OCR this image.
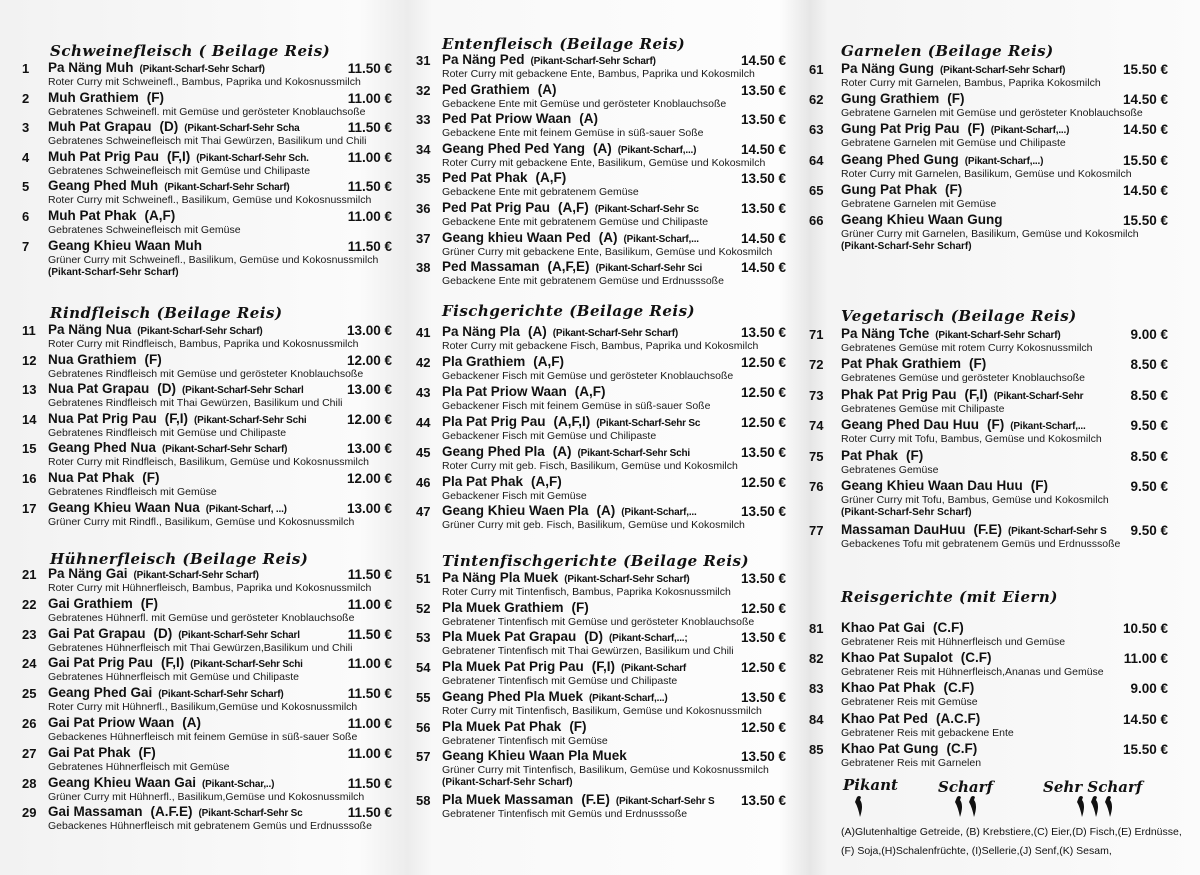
Schweinefleisch ( Beilage Reis)
1	Pa Näng Muh (Pikant-Scharf-Sehr Scharf)	11.50 €
Roter Curry mit Schweinefl., Bambus, Paprika und Kokosnussmilch
2	Muh Grathiem (F)	11.00 €
Gebratenes Schweinefl. mit Gemüse und gerösteter Knoblauchsoße
3	Muh Pat Grapau (D) (Pikant-Scharf-Sehr Scha	11.50 €
Gebratenes Schweinefleisch mit Thai Gewürzen, Basilikum und Chili
4	Muh Pat Prig Pau (F,I) (Pikant-Scharf-Sehr Sch.	11.00 €
Gebratenes Schweinefleisch mit Gemüse und Chilipaste
5	Geang Phed Muh (Pikant-Scharf-Sehr Scharf)	11.50 €
Roter Curry mit Schweinefl., Basilikum, Gemüse und Kokosnussmilch
6	Muh Pat Phak (A,F)	11.00 €
Gebratenes Schweinefleisch mit Gemüse
7	Geang Khieu Waan Muh	11.50 €
Grüner Curry mit Schweinefl., Basilikum, Gemüse und Kokosnussmilch
(Pikant-Scharf-Sehr Scharf)
Rindfleisch (Beilage Reis)
11 Pa Näng Nua (Pikant-Scharf-Sehr Scharf)	13.00 €
Roter Curry mit Rindfleisch, Bambus, Paprika und Kokosnussmilch
12 Nua Grathiem (F)	12.00 €
Gebratenes Rindfleisch mit Gemüse und gerösteter Knoblauchsoße
13 Nua Pat Grapau (D) (Pikant-Scharf-Sehr Scharl	13.00 €
Gebratenes Rindfleisch mit Thai Gewürzen, Basilikum und Chili
14 Nua Pat Prig Pau (F,I) (Pikant-Scharf-Sehr Schi	12.00 €
Gebratenes Rindfleisch mit Gemüse und Chilipaste
15 Geang Phed Nua (Pikant-Scharf-Sehr Scharf)	13.00 €
Roter Curry mit Rindfleisch, Basilikum, Gemüse und Kokosnussmilch
16 Nua Pat Phak (F)	12.00 €
Gebratenes Rindfleisch mit Gemüse
17 Geang Khieu Waan Nua (Pikant-Scharf, ...)	13.00 €
Grüner Curry mit Rindfl., Basilikum, Gemüse und Kokosnussmilch
Hühnerfleisch (Beilage Reis)
21 Pa Näng Gai (Pikant-Scharf-Sehr Scharf)	11.50 €
Roter Curry mit Hühnerfleisch, Bambus, Paprika und Kokosnussmilch
22 Gai Grathiem (F)	11.00 €
Gebratenes Hühnerfl. mit Gemüse und gerösteter Knoblauchsoße
23 Gai Pat Grapau (D) (Pikant-Scharf-Sehr Scharl	11.50 €
Gebratenes Hühnerfleisch mit Thai Gewürzen,Basilikum und Chili
24 Gai Pat Prig Pau (F,I) (Pikant-Scharf-Sehr Schi	11.00 €
Gebratenes Hühnerfleisch mit Gemüse und Chilipaste
25 Geang Phed Gai (Pikant-Scharf-Sehr Scharf)	11.50 €
Roter Curry mit Hühnerfl., Basilikum,Gemüse und Kokosnussmilch
26 Gai Pat Priow Waan (A)	11.00 €
Gebackenes Hühnerfleisch mit feinem Gemüse in süß-sauer Soße
27 Gai Pat Phak (F)	11.00 €
Gebratenes Hühnerfleisch mit Gemüse
28 Geang Khieu Waan Gai (Pikant-Schar,..)	11.50 €
Grüner Curry mit Hühnerfl., Basilikum,Gemüse und Kokosnussmilch
29 Gai Massaman (A.F.E) (Pikant-Scharf-Sehr Sc	11.50 €
Gebackenes Hühnerfleisch mit gebratenem Gemüs und Erdnusssoße
Entenfleisch (Beilage Reis)
31 Pa Näng Ped (Pikant-Scharf-Sehr Scharf)	14.50 €
Roter Curry mit gebackene Ente, Bambus, Paprika und Kokosmilch
32 Ped Grathiem (A)	13.50 €
Gebackene Ente mit Gemüse und gerösteter Knoblauchsoße
33 Ped Pat Priow Waan (A)	13.50 €
Gebackene Ente mit feinem Gemüse in süß-sauer Soße
34 Geang Phed Ped Yang (A) (Pikant-Scharf,...)	14.50 €
Roter Curry mit gebackene Ente, Basilikum, Gemüse und Kokosmilch
35 Ped Pat Phak (A,F)	13.50 €
Gebackene Ente mit gebratenem Gemüse
36 Ped Pat Prig Pau (A,F) (Pikant-Scharf-Sehr Sc	13.50 €
Gebackene Ente mit gebratenem Gemüse und Chilipaste
37 Geang khieu Waan Ped (A) (Pikant-Scharf,...	14.50 €
Grüner Curry mit gebackene Ente, Basilikum, Gemüse und Kokosmilch
38 Ped Massaman (A,F,E) (Pikant-Scharf-Sehr Sci	14.50 €
Gebackene Ente mit gebratenem Gemüse und Erdnusssoße
Fischgerichte (Beilage Reis)
41 Pa Näng Pla (A) (Pikant-Scharf-Sehr Scharf)	13.50 €
Roter Curry mit gebackene Fisch, Bambus, Paprika und Kokosmilch
42 Pla Grathiem (A,F)	12.50 €
Gebackener Fisch mit Gemüse und gerösteter Knoblauchsoße
43 Pla Pat Priow Waan (A,F)	12.50 €
Gebackener Fisch mit feinem Gemüse in süß-sauer Soße
44 Pla Pat Prig Pau (A,F,I) (Pikant-Scharf-Sehr Sc	12.50 €
Gebackener Fisch mit Gemüse und Chilipaste
45 Geang Phed Pla (A) (Pikant-Scharf-Sehr Schi	13.50 €
Roter Curry mit geb. Fisch, Basilikum, Gemüse und Kokosmilch
46 Pla Pat Phak (A,F)	12.50 €
Gebackener Fisch mit Gemüse
47 Geang Khieu Waen Pla (A) (Pikant-Scharf,...	13.50 €
Grüner Curry mit geb. Fisch, Basilikum, Gemüse und Kokosmilch
Tintenfischgerichte (Beilage Reis)
51 Pa Näng Pla Muek (Pikant-Scharf-Sehr Scharf)	13.50 €
Roter Curry mit Tintenfisch, Bambus, Paprika Kokosnussmilch
52 Pla Muek Grathiem (F)	12.50 €
Gebratener Tintenfisch mit Gemüse und gerösteter Knoblauchsoße
53 Pla Muek Pat Grapau (D) (Pikant-Scharf,...;	13.50 €
Gebratener Tintenfisch mit Thai Gewürzen, Basilikum und Chili
54 Pla Muek Pat Prig Pau (F,I) (Pikant-Scharf	12.50 €
Gebratener Tintenfisch mit Gemüse und Chilipaste
55 Geang Phed Pla Muek (Pikant-Scharf,...)	13.50 €
Roter Curry mit Tintenfisch, Basilikum, Gemüse und Kokosnussmilch
56 Pla Muek Pat Phak (F)	12.50 €
Gebratener Tintenfisch mit Gemüse
57 Geang Khieu Waan Pla Muek	13.50 €
Grüner Curry mit Tintenfisch, Basilikum, Gemüse und Kokosnussmilch
(Pikant-Scharf-Sehr Scharf)
58 Pla Muek Massaman (F.E) (Pikant-Scharf-Sehr S 13.50 €
Gebratener Tintenfisch mit Gemüs und Erdnusssoße
Pikant	Scharf	Sehr Scharf
(A)Glutenhaltige Getreide, (B) Krebstiere,(C) Eier,(D) Fisch,(E) Erdnüsse,
(F) Soja,(H)Schalenfrüchte, (I)Sellerie,(J) Senf,(K) Sesam,
Garnelen (Beilage Reis)
61	Pa Näng Gung (Pikant-Scharf-Sehr Scharf)	15.50 €
Roter Curry mit Garnelen, Bambus, Paprika Kokosmilch
62	Gung Grathiem (F)	14.50 €
Gebratene Garnelen mit Gemüse und gerösteter Knoblauchsoße
63	Gung Pat Prig Pau (F) (Pikant-Scharf,...)	14.50 €
Gebratene Garnelen mit Gemüse und Chilipaste
64	Geang Phed Gung (Pikant-Scharf,...)	15.50 €
Roter Curry mit Garnelen, Basilikum, Gemüse und Kokosmilch
65	Gung Pat Phak (F)	14.50 €
Gebratene Garnelen mit Gemüse
66	Geang Khieu Waan Gung	15.50 €
Grüner Curry mit Garnelen, Basilikum, Gemüse und Kokosmilch
(Pikant-Scharf-Sehr Scharf)
Vegetarisch (Beilage Reis)
71	Pa Näng Tche (Pikant-Scharf-Sehr Scharf)	9.00 €
Gebratenes Gemüse mit rotem Curry Kokosnussmilch
72	Pat Phak Grathiem (F)	8.50 €
Gebratenes Gemüse und gerösteter Knoblauchsoße
73	Phak Pat Prig Pau (F,I) (Pikant-Scharf-Sehr	8.50 €
Gebratenes Gemüse mit Chilipaste
74	Geang Phed Dau Huu (F) (Pikant-Scharf,...	9.50 €
Roter Curry mit Tofu, Bambus, Gemüse und Kokosmilch
75	Pat Phak (F)	8.50 €
Gebratenes Gemüse
76	Geang Khieu Waan Dau Huu (F)	9.50 €
Grüner Curry mit Tofu, Bambus, Gemüse und Kokosmilch
(Pikant-Scharf-Sehr Scharf)
77	Massaman DauHuu (F.E) (Pikant-Scharf-Sehr S 9.50 €
Gebackenes Tofu mit gebratenem Gemüs und Erdnusssoße
Reisgerichte (mit Eiern)
81	Khao Pat Gai (C.F)	10.50 €
Gebratener Reis mit Hühnerfleisch und Gemüse
82	Khao Pat Supalot (C.F)	11.00 €
Gebratener Reis mit Hühnerfleisch,Ananas und Gemüse
83	Khao Pat Phak (C.F)	9.00 €
Gebratener Reis mit Gemüse
84	Khao Pat Ped (A.C.F)	14.50 €
Gebratener Reis mit gebackene Ente
85	Khao Pat Gung (C.F)	15.50 €
Gebratener Reis mit Garnelen
